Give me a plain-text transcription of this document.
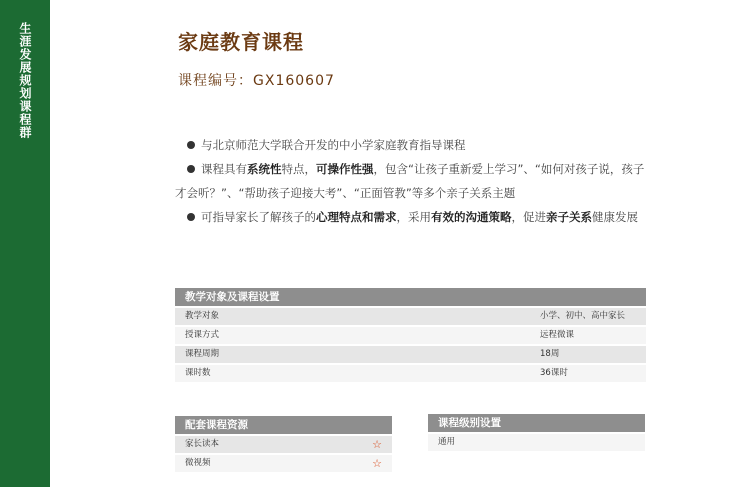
生涯发展规划课程群	家庭教育课程
课程编号：GX160607

与北京师范大学联合开发的中小学家庭教育指导课程

课程具有系统性特点，可操作性强，包含“让孩子重新爱上学习”、“如何对孩子说，孩子才会听？”、“帮助孩子迎接大考”、“正面管教”等多个亲子关系主题

可指导家长了解孩子的心理特点和需求，采用有效的沟通策略，促进亲子关系健康发展

教学对象及课程设置
教学对象	小学、初中、高中家长
授课方式	远程微课
课程周期	18周
课时数	36课时
配套课程资源
家长读本	☆
微视频	☆
课程级别设置
通用
